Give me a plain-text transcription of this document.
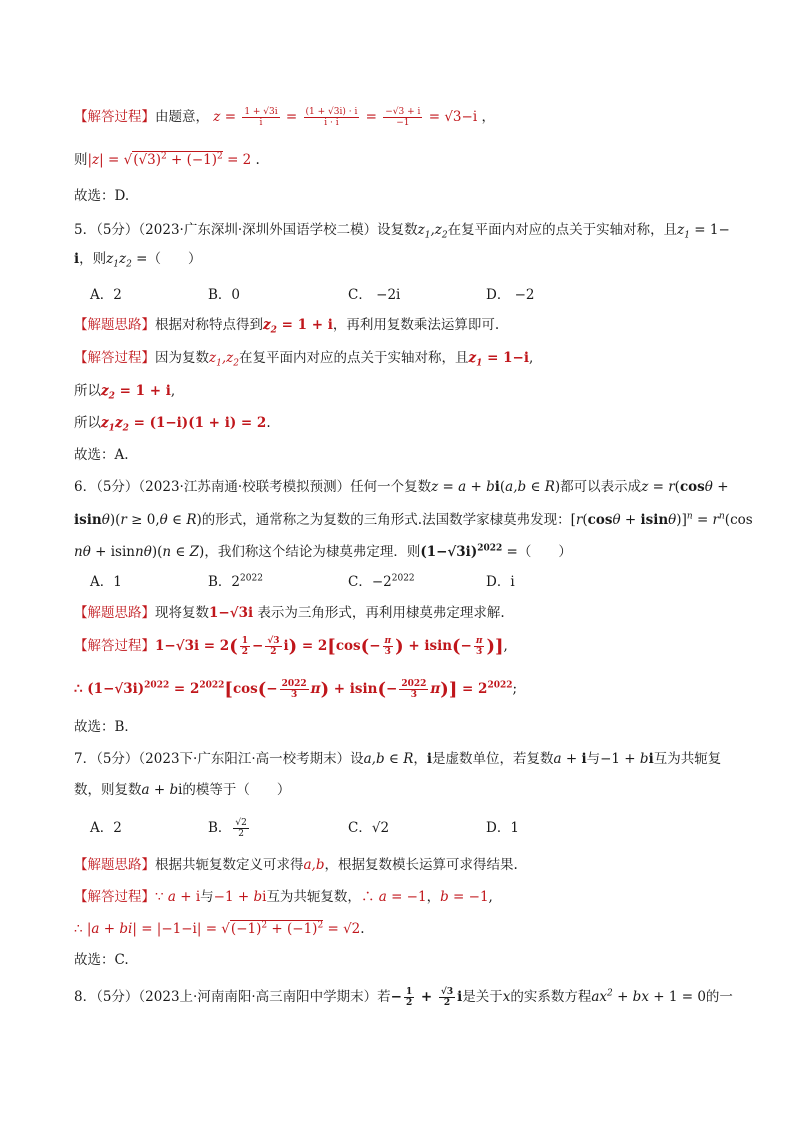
【解答过程】由题意， $z = \frac{1 + √3i}{i} = \frac{(1 + √3i) \cdot i}{i \cdot i} = \frac{-√3 + i}{-1} = √3-i$ ，
则$|z| = √(√3)^2 + (-1)^2 = 2$ .
故选：D.
5．（5分）（2023·广东深圳·深圳外国语学校二模）设复数$z_1,z_2$在复平面内对应的点关于实轴对称，且$z_1 = 1-$
i，则$z_1z_2$ =（　　）
A．2	B．0	C． −2i	D． −2
【解题思路】根据对称特点得到$z_2 = 1 + i$，再利用复数乘法运算即可.
【解答过程】因为复数$z_1,z_2$在复平面内对应的点关于实轴对称，且$z_1 = 1-i$,
所以$z_2 = 1 + i$,
所以$z_1z_2 = (1-i)(1 + i) = 2$.
故选：A.
6．（5分）（2023·江苏南通·校联考模拟预测）任何一个复数z = a + bi(a,b ∈ R)都可以表示成z = r(cosθ +
isinθ)(r ≥ 0,θ ∈ R)的形式，通常称之为复数的三角形式.法国数学家棣莫弗发现：$[r(\cos\theta + isin\theta)]^n = r^n(\cos$
nθ + isinnθ)(n ∈ Z)，我们称这个结论为棣莫弗定理．则$(1-√3i)^{2022}$ =（　　）
A．1	B．$2^{2022}$	C．$-2^{2022}$	D．i
【解题思路】现将复数1−√3i 表示为三角形式，再利用棣莫弗定理求解.
【解答过程】$1-√3i = 2( \frac{1}{2} - \frac{√3}{2} i) = 2[\cos(- \frac{\pi}{3}$ ) + $isin(- \frac{\pi}{3}$ )],
∴ $(1-√3i)^{2022} = 2^{2022}[\cos(- \frac{2022}{3} \pi) + isin(- \frac{2022}{3} \pi)] = 2^{2022}$;
故选：B．
7．（5分）（2023下·广东阳江·高一校考期末）设a,b ∈ R，i是虚数单位，若复数a + i与−1 + bi互为共轭复
数，则复数a + bi的模等于（　　）
A．2	B． $\frac{√2}{2}$	C．√2	D．1
【解题思路】根据共轭复数定义可求得a,b，根据复数模长运算可求得结果.
【解答过程】∵ a + i与−1 + bi互为共轭复数，∴ a = −1，b = −1,
∴ $|a + bi| = |-1-i| = √(-1)^2 + (-1)^2 = √2$.
故选：C.
8．（5分）（2023上·河南南阳·高三南阳中学期末）若− $\frac{1}{2} + \frac{√3}{2}$ i是关于x的实系数方程$ax^2$ + bx + 1 = 0的一
